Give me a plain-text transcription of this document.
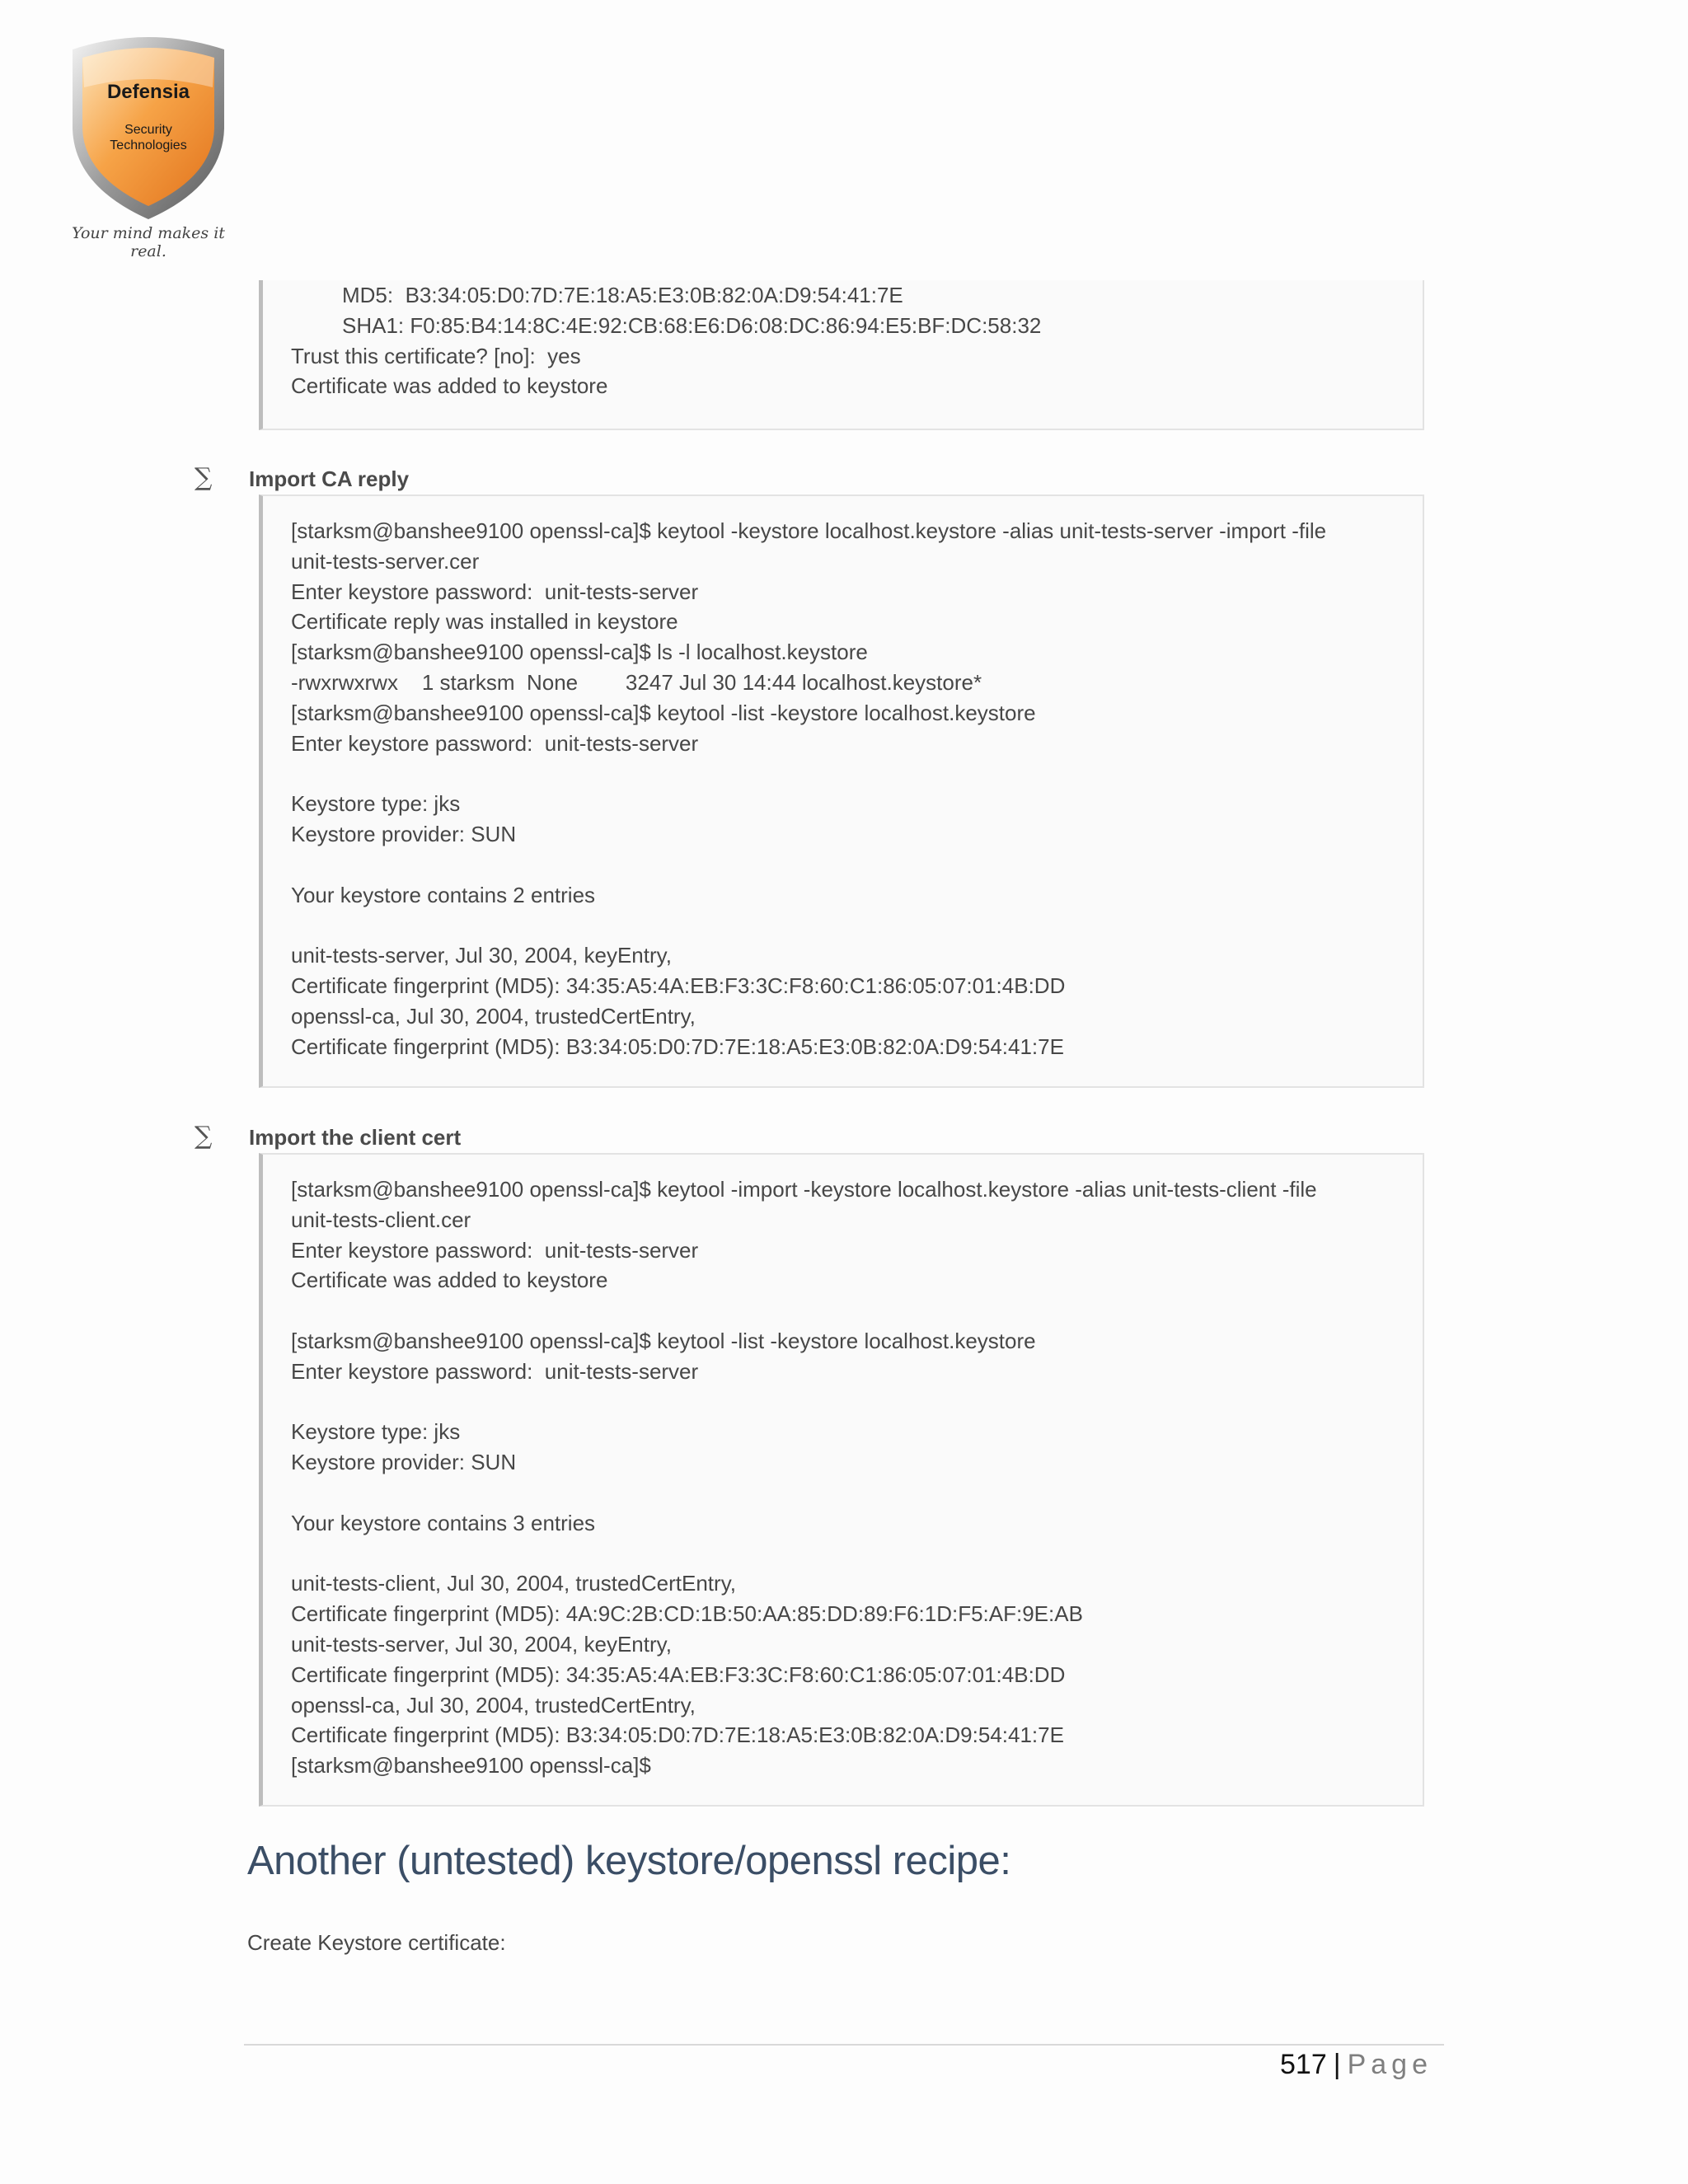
Defensia
Security
Technologies
Your mind makes it real.
MD5:  B3:34:05:D0:7D:7E:18:A5:E3:0B:82:0A:D9:54:41:7E
SHA1: F0:85:B4:14:8C:4E:92:CB:68:E6:D6:08:DC:86:94:E5:BF:DC:58:32
Trust this certificate? [no]:  yes
Certificate was added to keystore
∑ Import CA reply
[starksm@banshee9100 openssl-ca]$ keytool -keystore localhost.keystore -alias unit-tests-server -import -file
unit-tests-server.cer
Enter keystore password:  unit-tests-server
Certificate reply was installed in keystore
[starksm@banshee9100 openssl-ca]$ ls -l localhost.keystore
-rwxrwxrwx    1 starksm  None        3247 Jul 30 14:44 localhost.keystore*
[starksm@banshee9100 openssl-ca]$ keytool -list -keystore localhost.keystore
Enter keystore password:  unit-tests-server
Keystore type: jks
Keystore provider: SUN
Your keystore contains 2 entries
unit-tests-server, Jul 30, 2004, keyEntry,
Certificate fingerprint (MD5): 34:35:A5:4A:EB:F3:3C:F8:60:C1:86:05:07:01:4B:DD
openssl-ca, Jul 30, 2004, trustedCertEntry,
Certificate fingerprint (MD5): B3:34:05:D0:7D:7E:18:A5:E3:0B:82:0A:D9:54:41:7E
∑ Import the client cert
[starksm@banshee9100 openssl-ca]$ keytool -import -keystore localhost.keystore -alias unit-tests-client -file
unit-tests-client.cer
Enter keystore password:  unit-tests-server
Certificate was added to keystore
[starksm@banshee9100 openssl-ca]$ keytool -list -keystore localhost.keystore
Enter keystore password:  unit-tests-server
Keystore type: jks
Keystore provider: SUN
Your keystore contains 3 entries
unit-tests-client, Jul 30, 2004, trustedCertEntry,
Certificate fingerprint (MD5): 4A:9C:2B:CD:1B:50:AA:85:DD:89:F6:1D:F5:AF:9E:AB
unit-tests-server, Jul 30, 2004, keyEntry,
Certificate fingerprint (MD5): 34:35:A5:4A:EB:F3:3C:F8:60:C1:86:05:07:01:4B:DD
openssl-ca, Jul 30, 2004, trustedCertEntry,
Certificate fingerprint (MD5): B3:34:05:D0:7D:7E:18:A5:E3:0B:82:0A:D9:54:41:7E
[starksm@banshee9100 openssl-ca]$
Another (untested) keystore/openssl recipe:
Create Keystore certificate:
517 | Page
